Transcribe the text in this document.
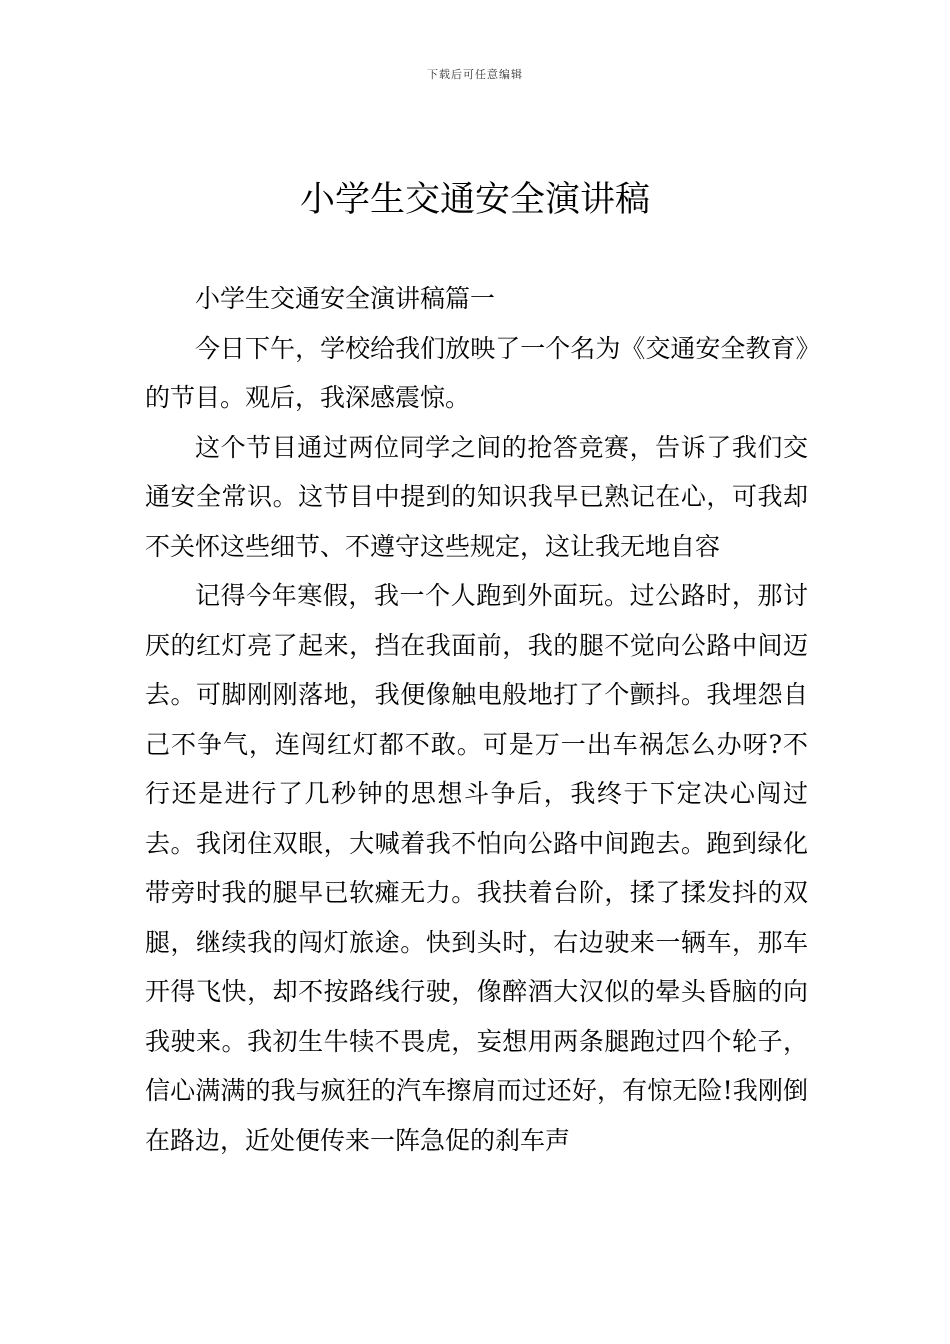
下载后可任意编辑
小学生交通安全演讲稿

小学生交通安全演讲稿篇一

今日下午，学校给我们放映了一个名为《交通安全教育》的节目。观后，我深感震惊。

这个节目通过两位同学之间的抢答竞赛，告诉了我们交通安全常识。这节目中提到的知识我早已熟记在心，可我却不关怀这些细节、不遵守这些规定，这让我无地自容

记得今年寒假，我一个人跑到外面玩。过公路时，那讨厌的红灯亮了起来，挡在我面前，我的腿不觉向公路中间迈去。可脚刚刚落地，我便像触电般地打了个颤抖。我埋怨自己不争气，连闯红灯都不敢。可是万一出车祸怎么办呀?不行还是进行了几秒钟的思想斗争后，我终于下定决心闯过去。我闭住双眼，大喊着我不怕向公路中间跑去。跑到绿化带旁时我的腿早已软瘫无力。我扶着台阶，揉了揉发抖的双腿，继续我的闯灯旅途。快到头时，右边驶来一辆车，那车开得飞快，却不按路线行驶，像醉酒大汉似的晕头昏脑的向我驶来。我初生牛犊不畏虎，妄想用两条腿跑过四个轮子，信心满满的我与疯狂的汽车擦肩而过还好，有惊无险!我刚倒在路边，近处便传来一阵急促的刹车声
